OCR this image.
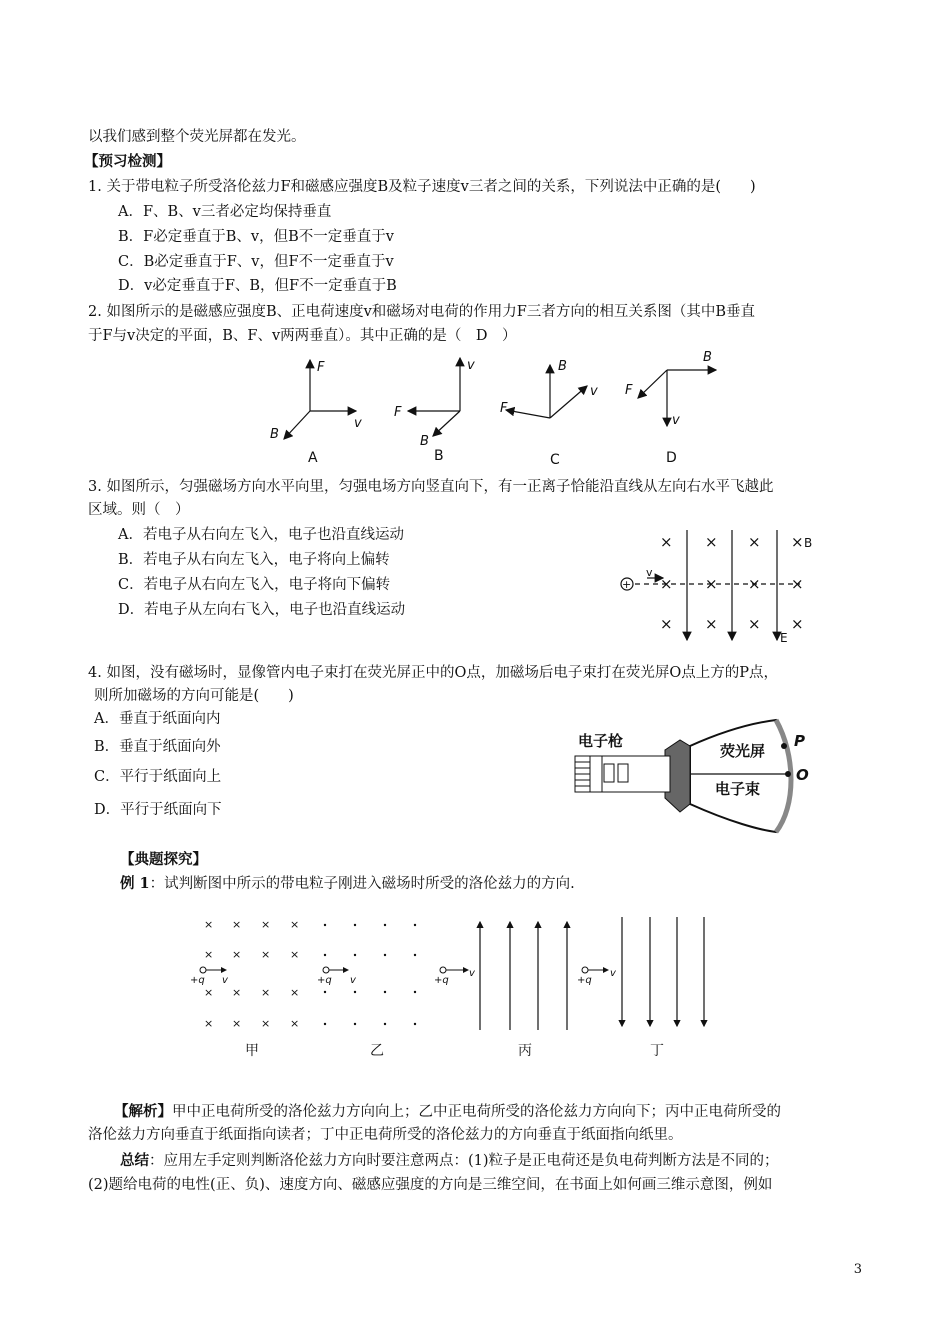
以我们感到整个荧光屏都在发光。
【预习检测】
1. 关于带电粒子所受洛伦兹力F和磁感应强度B及粒子速度v三者之间的关系，下列说法中正确的是(　　)
A．F、B、v三者必定均保持垂直
B．F必定垂直于B、v，但B不一定垂直于v
C．B必定垂直于F、v，但F不一定垂直于v
D．v必定垂直于F、B，但F不一定垂直于B
2. 如图所示的是磁感应强度B、正电荷速度v和磁场对电荷的作用力F三者方向的相互关系图（其中B垂直
于F与v决定的平面，B、F、v两两垂直）。其中正确的是（　D　）
F
v
B
v
F
B
B
F
v
B
F
v
A	B	C	D
3. 如图所示，匀强磁场方向水平向里，匀强电场方向竖直向下，有一正离子恰能沿直线从左向右水平飞越此
区域。则（　）
A．若电子从右向左飞入，电子也沿直线运动
B．若电子从右向左飞入，电子将向上偏转
C．若电子从右向左飞入，电子将向下偏转
D．若电子从左向右飞入，电子也沿直线运动
× × × ×
× × × ×
× × × ×
B
E
v
+
4. 如图，没有磁场时，显像管内电子束打在荧光屏正中的O点，加磁场后电子束打在荧光屏O点上方的P点，
则所加磁场的方向可能是(　　)
A．垂直于纸面向内
B．垂直于纸面向外
C．平行于纸面向上
D．平行于纸面向下
电子枪
荧光屏
电子束
P
O
【典题探究】
例 1：试判断图中所示的带电粒子刚进入磁场时所受的洛伦兹力的方向.
× × × ×
× × × ×
× × × ×
× × × ×
+q v	+q v	+q
v
+q
v
甲	乙	丙	丁
【解析】甲中正电荷所受的洛伦兹力方向向上；乙中正电荷所受的洛伦兹力方向向下；丙中正电荷所受的
洛伦兹力方向垂直于纸面指向读者；丁中正电荷所受的洛伦兹力的方向垂直于纸面指向纸里。
总结：应用左手定则判断洛伦兹力方向时要注意两点：(1)粒子是正电荷还是负电荷判断方法是不同的；
(2)题给电荷的电性(正、负)、速度方向、磁感应强度的方向是三维空间，在书面上如何画三维示意图，例如
3
